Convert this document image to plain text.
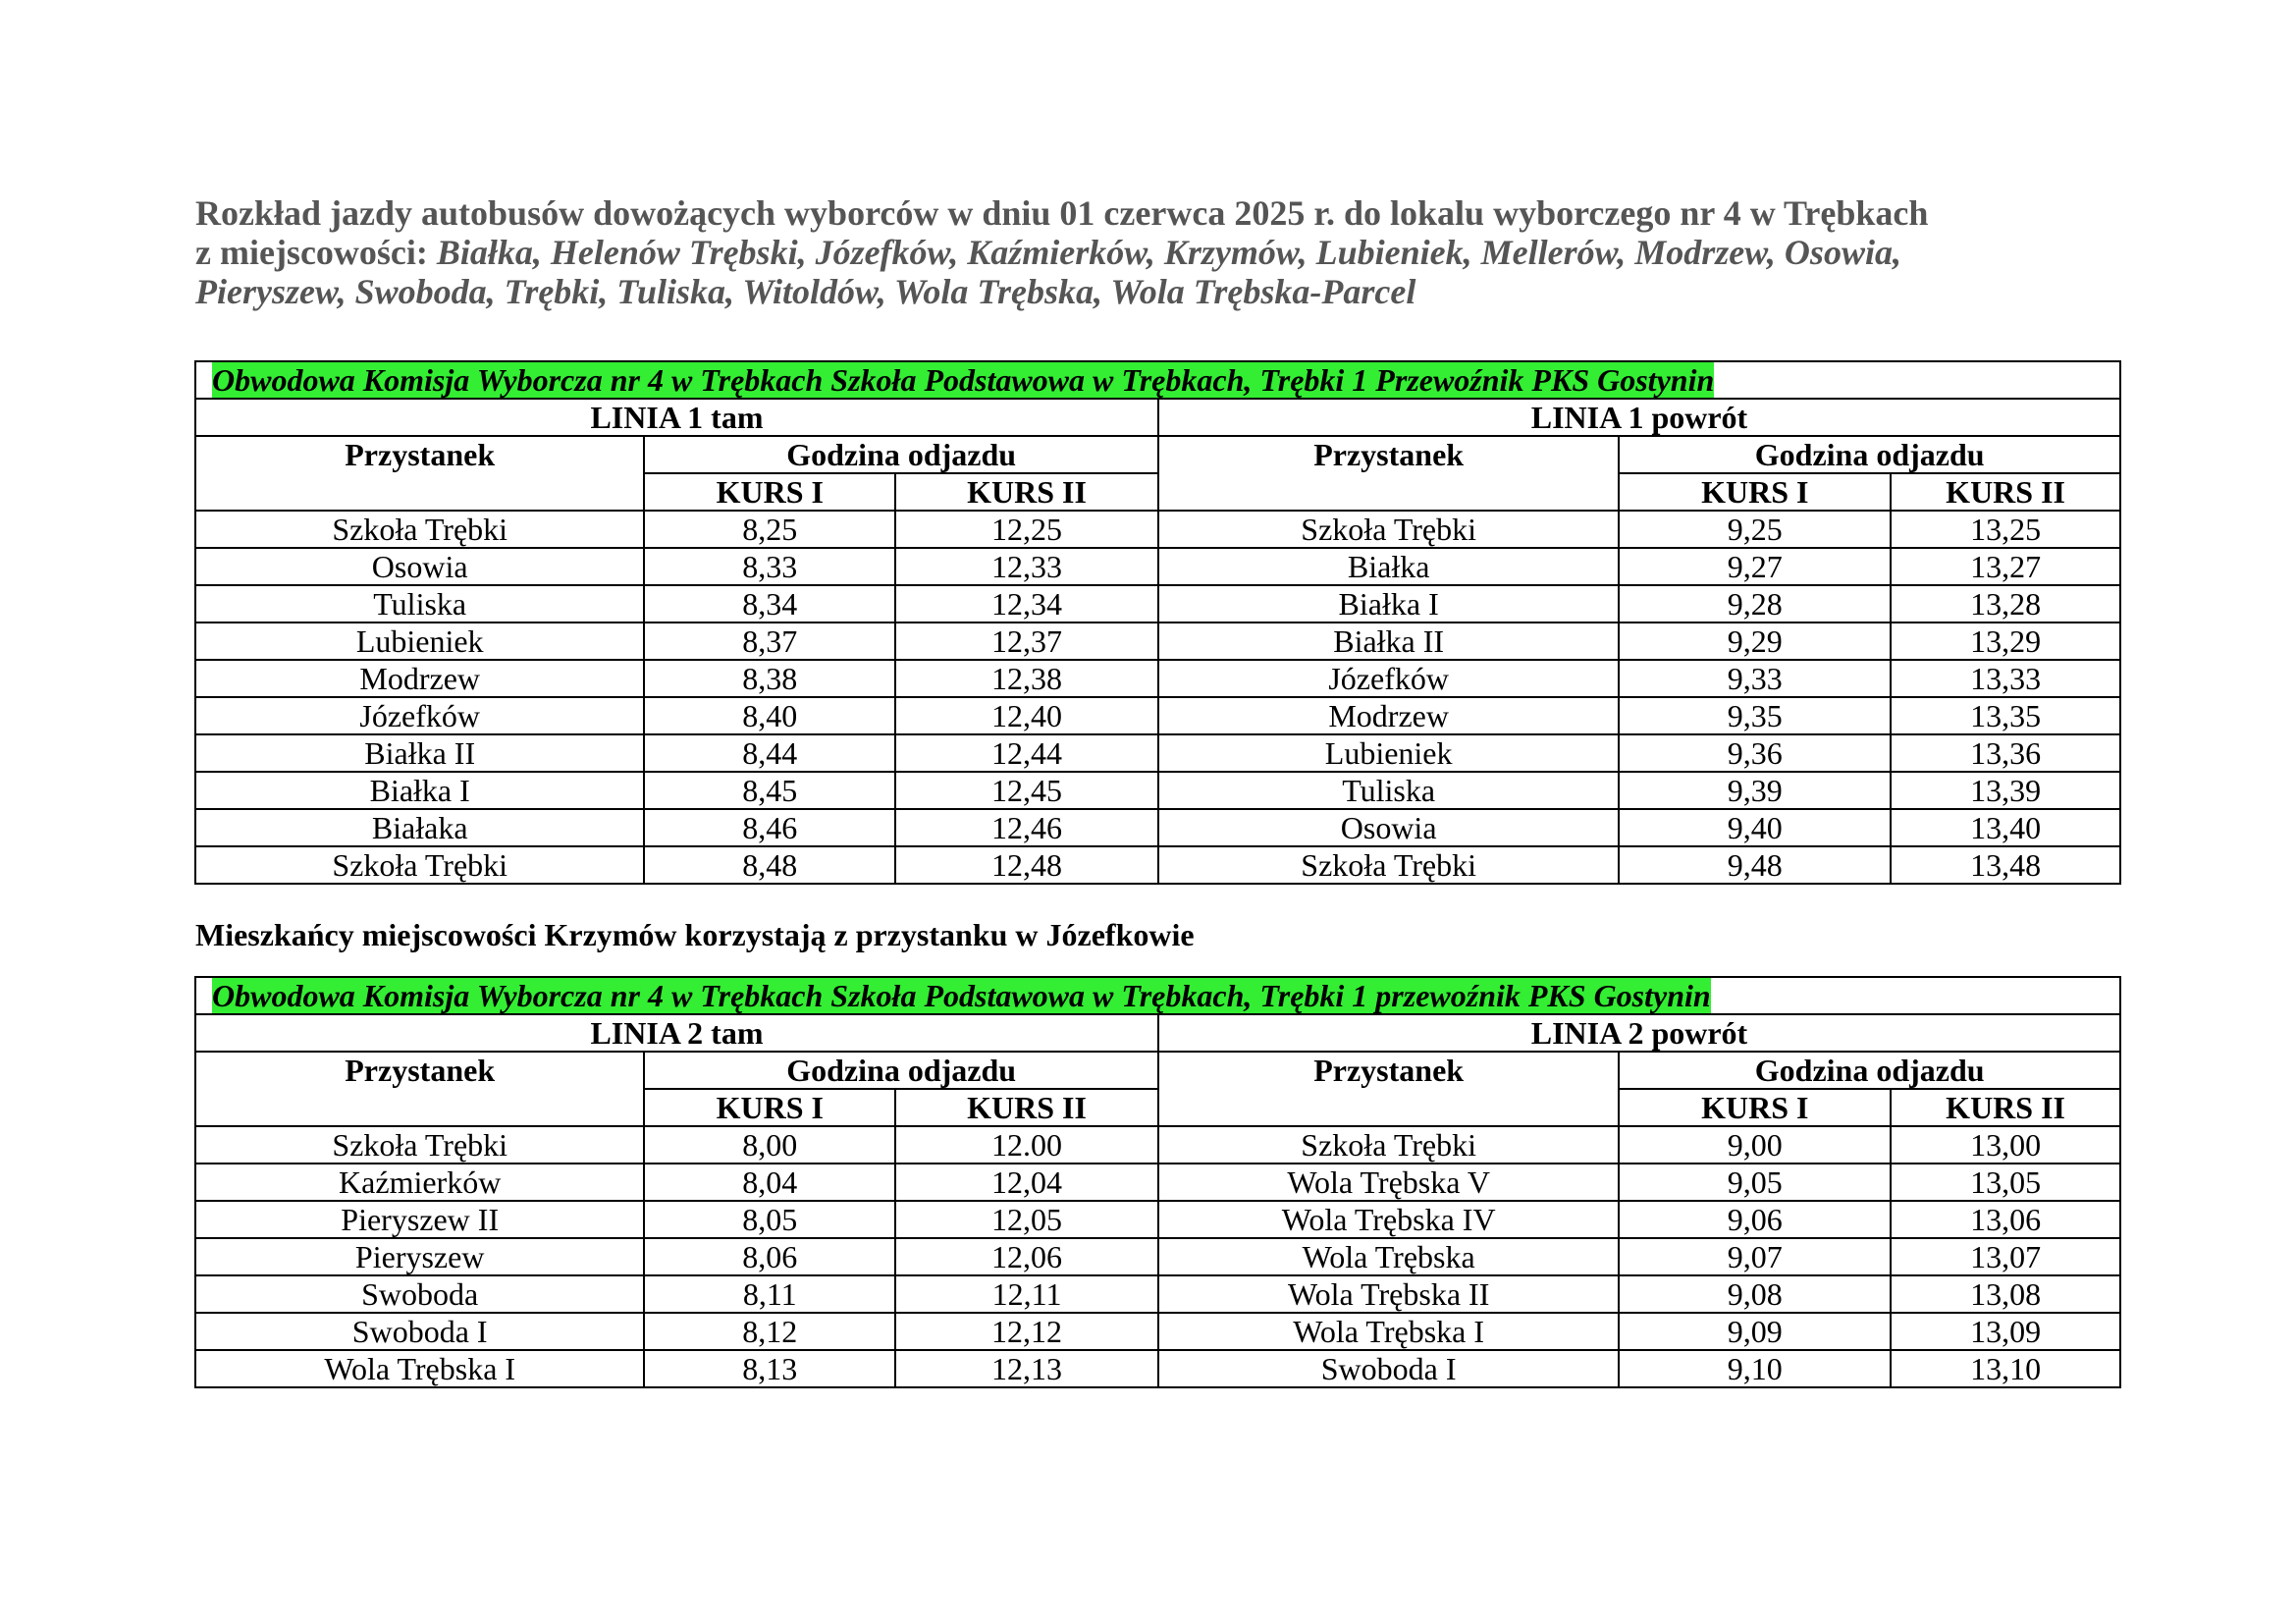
Rozkład jazdy autobusów dowożących wyborców w dniu 01 czerwca 2025 r. do lokalu wyborczego nr 4 w Trębkach
z miejscowości: Białka, Helenów Trębski, Józefków, Kaźmierków, Krzymów, Lubieniek, Mellerów, Modrzew, Osowia,
Pieryszew, Swoboda, Trębki, Tuliska, Witoldów, Wola Trębska, Wola Trębska-Parcel
Obwodowa Komisja Wyborcza nr 4 w Trębkach Szkoła Podstawowa w Trębkach, Trębki 1 Przewoźnik PKS Gostynin					
LINIA 1 tam			LINIA 1 powrót		
Przystanek	Godzina odjazdu		Przystanek	Godzina odjazdu	
	KURS I	KURS II		KURS I	KURS II
Szkoła Trębki	8,25	12,25	Szkoła Trębki	9,25	13,25
Osowia	8,33	12,33	Białka	9,27	13,27
Tuliska	8,34	12,34	Białka I	9,28	13,28
Lubieniek	8,37	12,37	Białka II	9,29	13,29
Modrzew	8,38	12,38	Józefków	9,33	13,33
Józefków	8,40	12,40	Modrzew	9,35	13,35
Białka II	8,44	12,44	Lubieniek	9,36	13,36
Białka I	8,45	12,45	Tuliska	9,39	13,39
Białaka	8,46	12,46	Osowia	9,40	13,40
Szkoła Trębki	8,48	12,48	Szkoła Trębki	9,48	13,48
Mieszkańcy miejscowości Krzymów korzystają z przystanku w Józefkowie
Obwodowa Komisja Wyborcza nr 4 w Trębkach Szkoła Podstawowa w Trębkach, Trębki 1 przewoźnik PKS Gostynin					
LINIA 2 tam			LINIA 2 powrót		
Przystanek	Godzina odjazdu		Przystanek	Godzina odjazdu	
	KURS I	KURS II		KURS I	KURS II
Szkoła Trębki	8,00	12.00	Szkoła Trębki	9,00	13,00
Kaźmierków	8,04	12,04	Wola Trębska V	9,05	13,05
Pieryszew II	8,05	12,05	Wola Trębska IV	9,06	13,06
Pieryszew	8,06	12,06	Wola Trębska	9,07	13,07
Swoboda	8,11	12,11	Wola Trębska II	9,08	13,08
Swoboda I	8,12	12,12	Wola Trębska I	9,09	13,09
Wola Trębska I	8,13	12,13	Swoboda I	9,10	13,10
